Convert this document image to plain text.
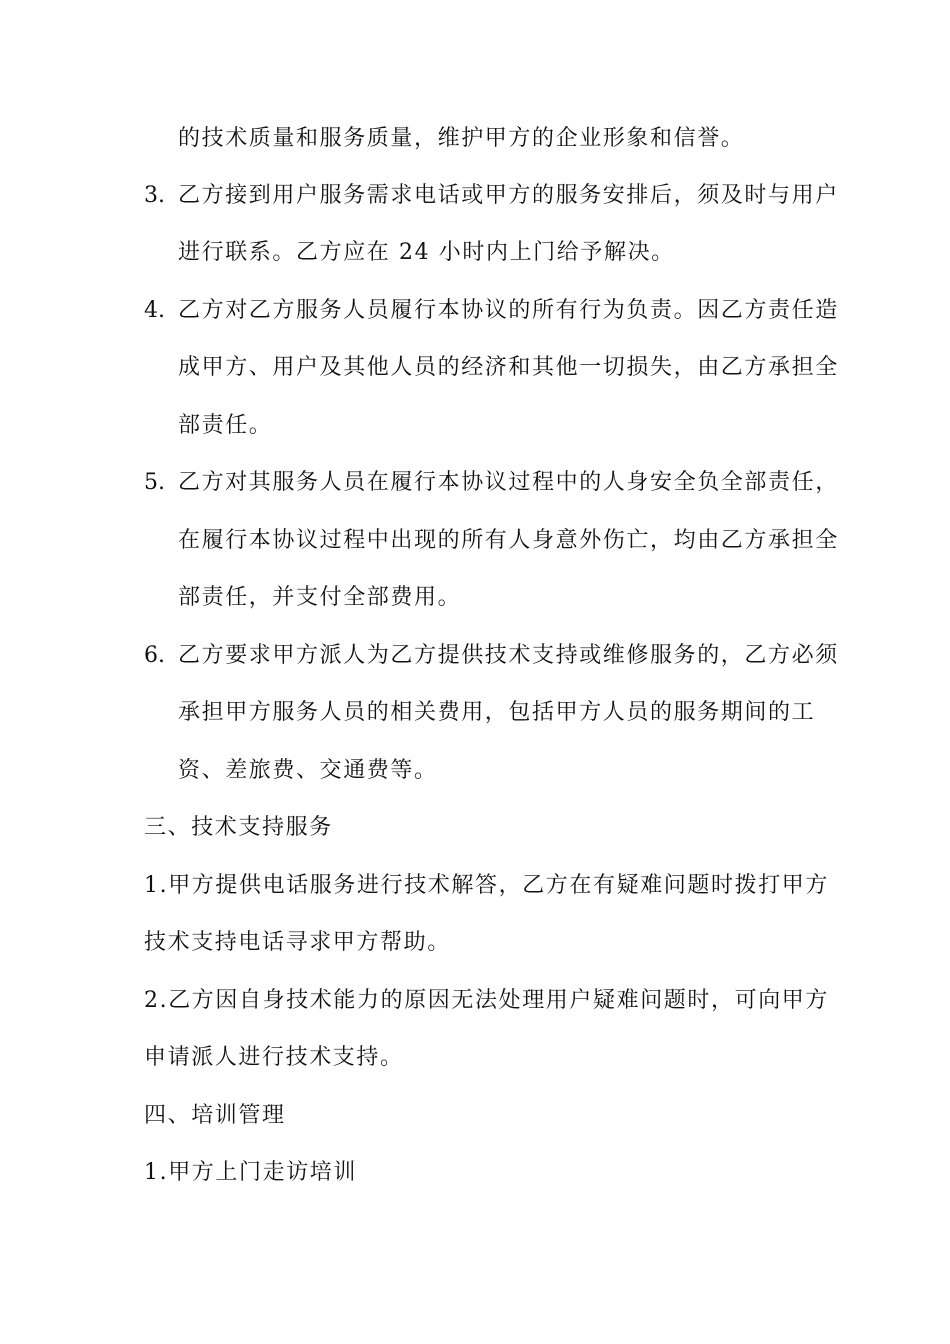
的技术质量和服务质量，维护甲方的企业形象和信誉。
3. 乙方接到用户服务需求电话或甲方的服务安排后，须及时与用户
进行联系。乙方应在 24 小时内上门给予解决。
4. 乙方对乙方服务人员履行本协议的所有行为负责。因乙方责任造
成甲方、用户及其他人员的经济和其他一切损失，由乙方承担全
部责任。
5. 乙方对其服务人员在履行本协议过程中的人身安全负全部责任，
在履行本协议过程中出现的所有人身意外伤亡，均由乙方承担全
部责任，并支付全部费用。
6. 乙方要求甲方派人为乙方提供技术支持或维修服务的，乙方必须
承担甲方服务人员的相关费用，包括甲方人员的服务期间的工
资、差旅费、交通费等。
三、技术支持服务
1.甲方提供电话服务进行技术解答，乙方在有疑难问题时拨打甲方
技术支持电话寻求甲方帮助。
2.乙方因自身技术能力的原因无法处理用户疑难问题时，可向甲方
申请派人进行技术支持。
四、培训管理
1.甲方上门走访培训
